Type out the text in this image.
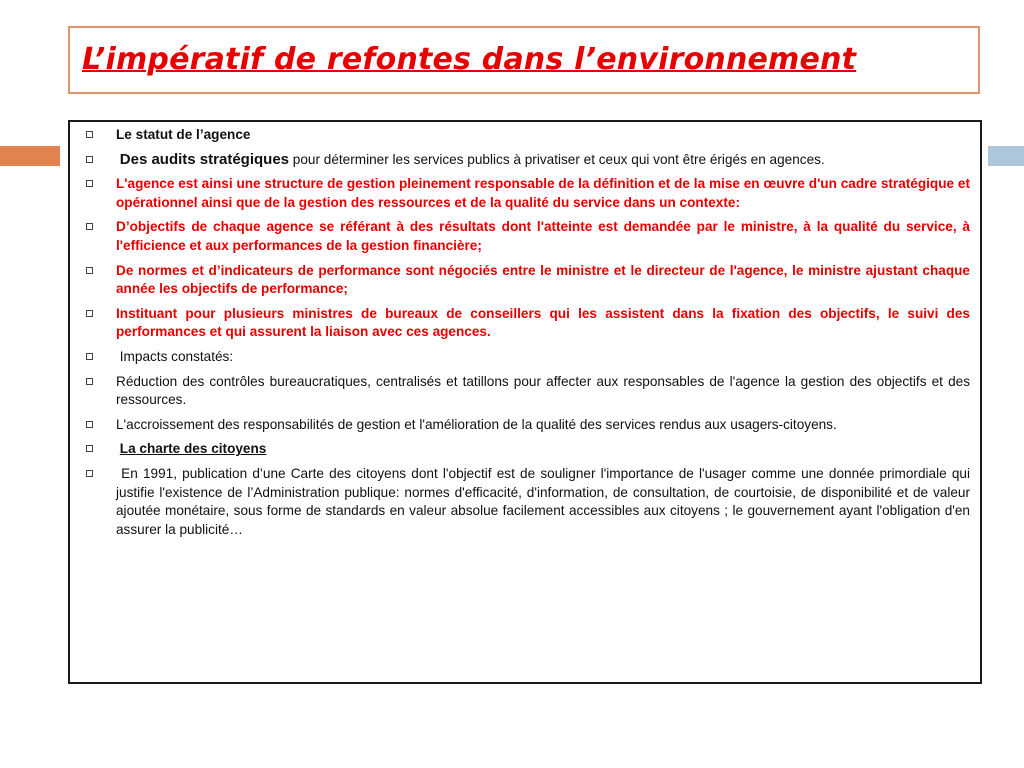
L’impératif de refontes dans l’environnement
Le statut de l’agence
Des audits stratégiques pour déterminer les services publics à privatiser et ceux qui vont être érigés en agences.
L'agence est ainsi une structure de gestion pleinement responsable de la définition et de la mise en œuvre d'un cadre stratégique et opérationnel ainsi que de la gestion des ressources et de la qualité du service dans un contexte:
D’objectifs de chaque agence se référant à des résultats dont l'atteinte est demandée par le ministre, à la qualité du service, à l'efficience et aux performances de la gestion financière;
De normes et d’indicateurs de performance sont négociés entre le ministre et le directeur de l'agence, le ministre ajustant chaque année les objectifs de performance;
Instituant pour plusieurs ministres de bureaux de conseillers qui les assistent dans la fixation des objectifs, le suivi des performances et qui assurent la liaison avec ces agences.
Impacts constatés:
Réduction des contrôles bureaucratiques, centralisés et tatillons pour affecter aux responsables de l'agence la gestion des objectifs et des ressources.
L'accroissement des responsabilités de gestion et l'amélioration de la qualité des services rendus aux usagers-citoyens.
La charte des citoyens
En 1991, publication d’une Carte des citoyens dont l'objectif est de souligner l'importance de l'usager comme une donnée primordiale qui justifie l'existence de l’Administration publique: normes d'efficacité, d'information, de consultation, de courtoisie, de disponibilité et de valeur ajoutée monétaire, sous forme de standards en valeur absolue facilement accessibles aux citoyens ; le gouvernement ayant l'obligation d'en assurer la publicité…
